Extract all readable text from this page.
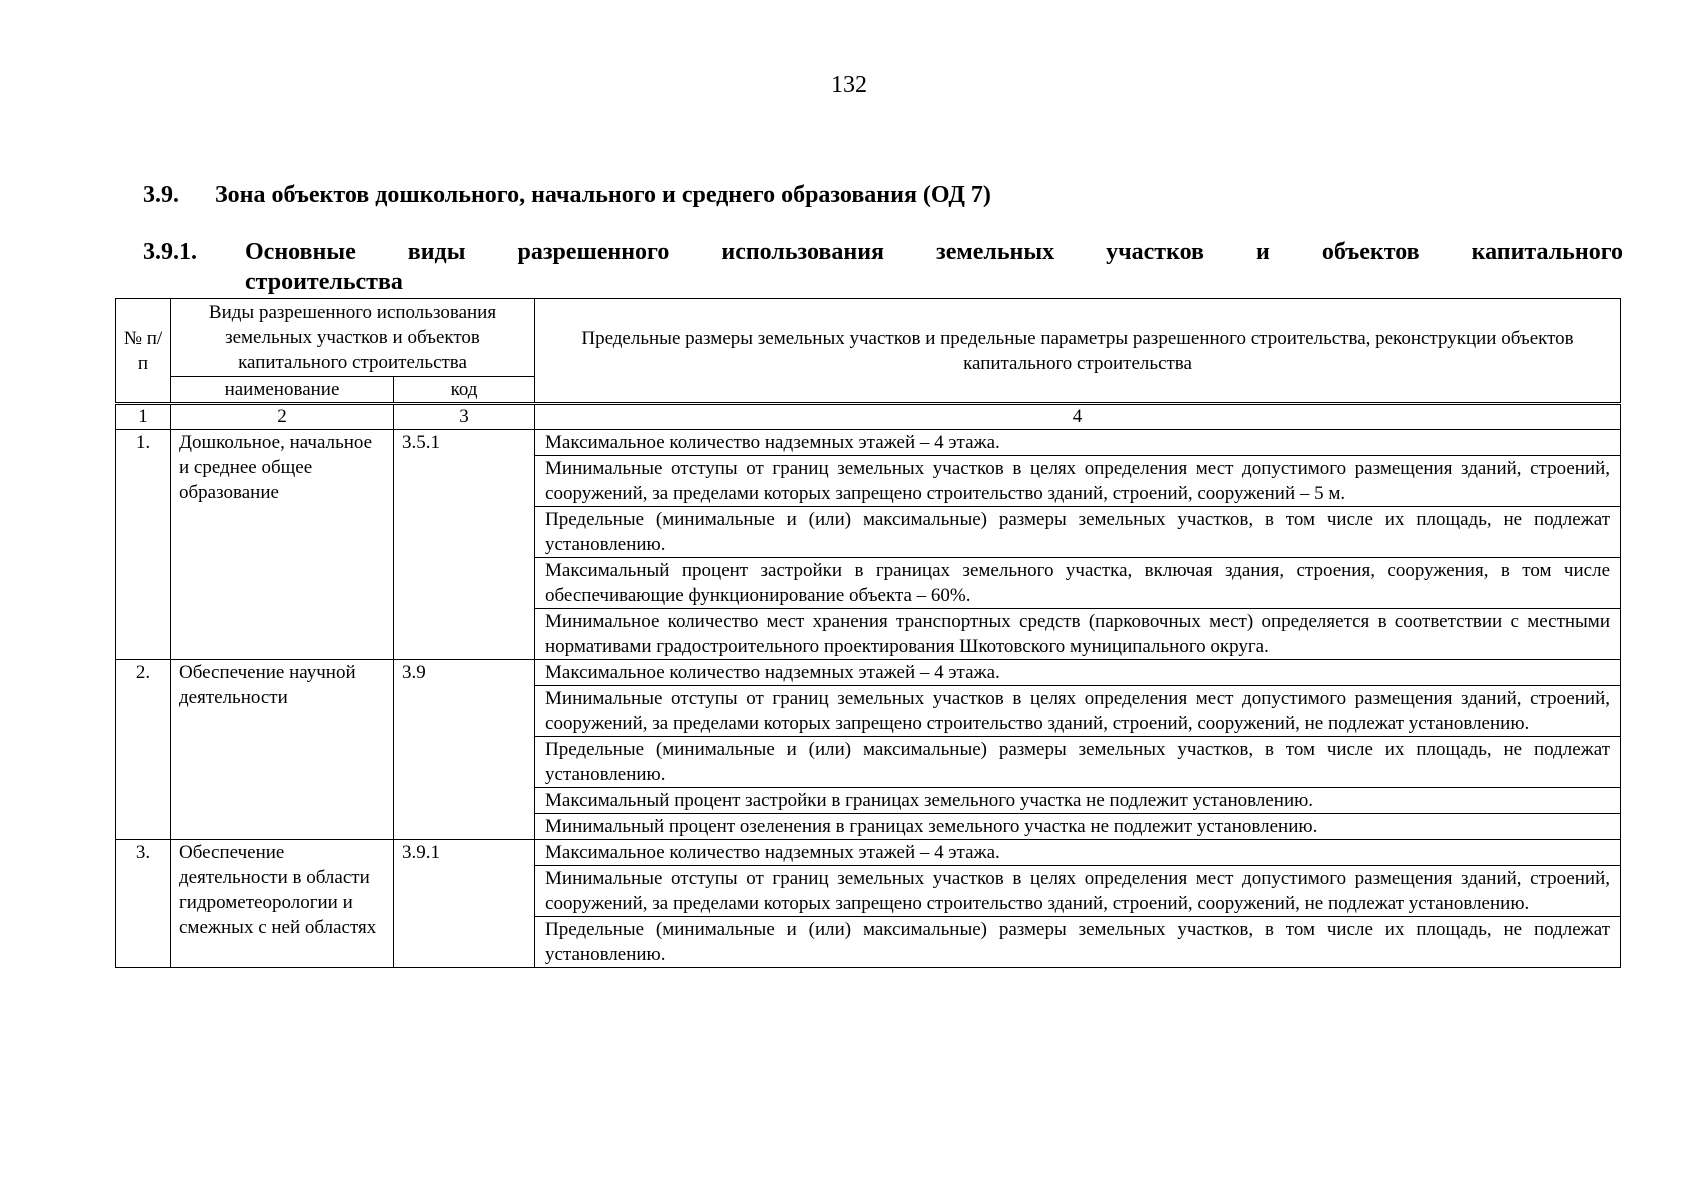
132
3.9. Зона объектов дошкольного, начального и среднего образования (ОД 7)
3.9.1.	Основные виды разрешенного использования земельных участков и объектов капитального
строительства
№ п/п	Виды разрешенного использования земельных участков и объектов капитального строительства		Предельные размеры земельных участков и предельные параметры разрешенного строительства, реконструкции объектов капитального строительства
	наименование	код	
1	2	3	4
1.	Дошкольное, начальное и среднее общее образование	3.5.1	Максимальное количество надземных этажей – 4 этажа.
			Минимальные отступы от границ земельных участков в целях определения мест допустимого размещения зданий, строений, сооружений, за пределами которых запрещено строительство зданий, строений, сооружений – 5 м.
			Предельные (минимальные и (или) максимальные) размеры земельных участков, в том числе их площадь, не подлежат установлению.
			Максимальный процент застройки в границах земельного участка, включая здания, строения, сооружения, в том числе обеспечивающие функционирование объекта – 60%.
			Минимальное количество мест хранения транспортных средств (парковочных мест) определяется в соответствии с местными нормативами градостроительного проектирования Шкотовского муниципального округа.
2.	Обеспечение научной деятельности	3.9	Максимальное количество надземных этажей – 4 этажа.
			Минимальные отступы от границ земельных участков в целях определения мест допустимого размещения зданий, строений, сооружений, за пределами которых запрещено строительство зданий, строений, сооружений, не подлежат установлению.
			Предельные (минимальные и (или) максимальные) размеры земельных участков, в том числе их площадь, не подлежат установлению.
			Максимальный процент застройки в границах земельного участка не подлежит установлению.
			Минимальный процент озеленения в границах земельного участка не подлежит установлению.
3.	Обеспечение деятельности в области гидрометеорологии и смежных с ней областях	3.9.1	Максимальное количество надземных этажей – 4 этажа.
			Минимальные отступы от границ земельных участков в целях определения мест допустимого размещения зданий, строений, сооружений, за пределами которых запрещено строительство зданий, строений, сооружений, не подлежат установлению.
			Предельные (минимальные и (или) максимальные) размеры земельных участков, в том числе их площадь, не подлежат установлению.
